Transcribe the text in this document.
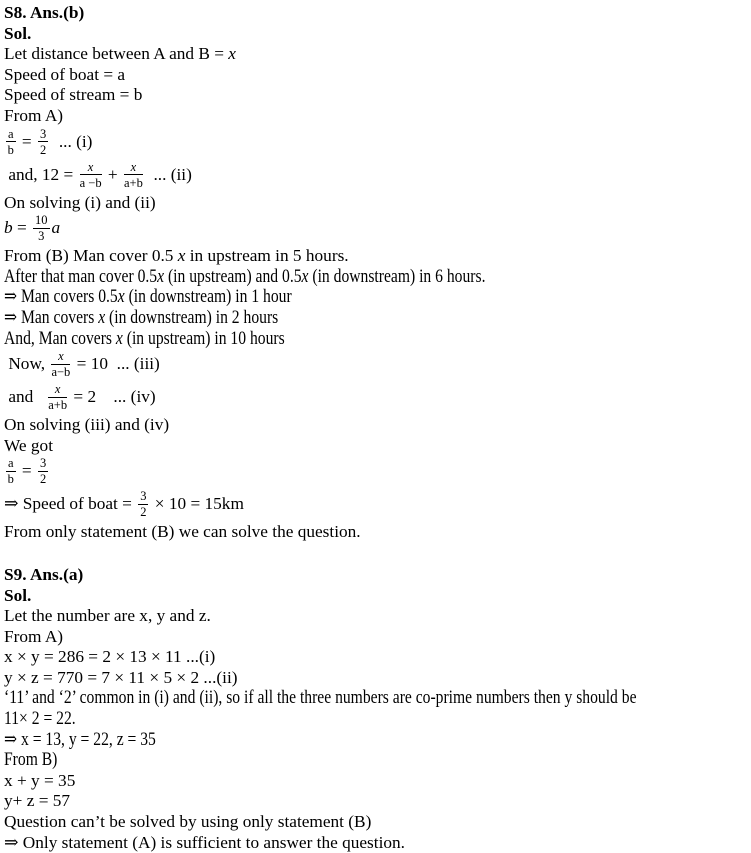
S8. Ans.(b)
Sol.
Let distance between A and B = x
Speed of boat = a
Speed of stream = b
From A)
$\frac{a}{b} = \frac{3}{2}$ ... (i)
and, $12 = \frac{x}{a -b} + \frac{x}{a+b}$ ... (ii)
On solving (i) and (ii)
$b = \frac{10}{3}$ a
From (B) Man cover 0.5 x in upstream in 5 hours.
After that man cover 0.5x (in upstream) and 0.5x (in downstream) in 6 hours.
⇒ Man covers 0.5x (in downstream) in 1 hour
⇒ Man covers x (in downstream) in 2 hours
And, Man covers x (in upstream) in 10 hours
Now, $\frac{x}{a-b} = 10$  ... (iii)
and $\frac{x}{a+b} = 2$    ... (iv)
On solving (iii) and (iv)
We got
$\frac{a}{b} = \frac{3}{2}$
⇒ Speed of boat = $\frac{3}{2} \times 10 = 15km$
From only statement (B) we can solve the question.
S9. Ans.(a)
Sol.
Let the number are x, y and z.
From A)
x × y = 286 = 2 × 13 × 11 ...(i)
y × z = 770 = 7 × 11 × 5 × 2 ...(ii)
‘11’ and ‘2’ common in (i) and (ii), so if all the three numbers are co-prime numbers then y should be
11× 2 = 22.
⇒ x = 13, y = 22, z = 35
From B)
x + y = 35
y+ z = 57
Question can’t be solved by using only statement (B)
⇒ Only statement (A) is sufficient to answer the question.
